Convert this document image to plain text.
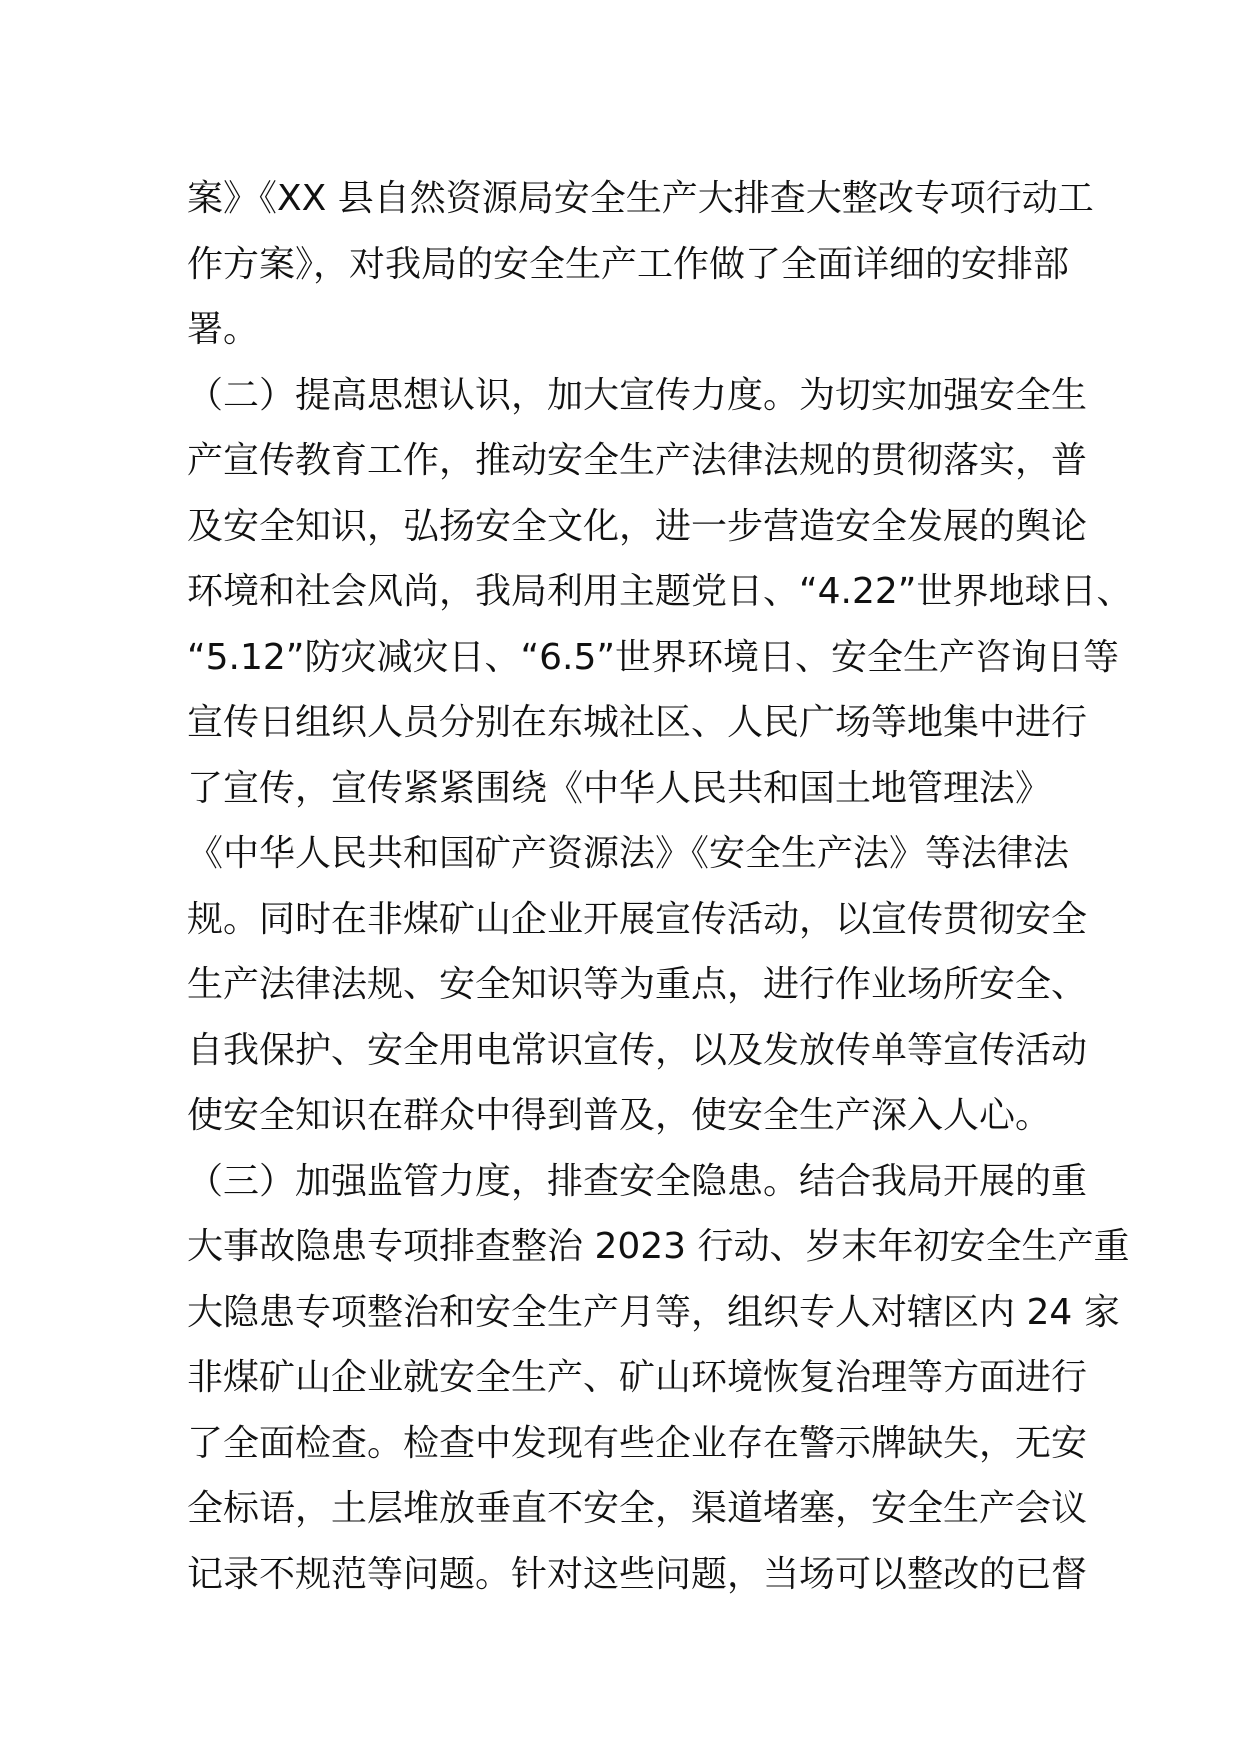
案》《XX 县自然资源局安全生产大排查大整改专项行动工
作方案》，对我局的安全生产工作做了全面详细的安排部
署。
（二）提高思想认识，加大宣传力度。为切实加强安全生
产宣传教育工作，推动安全生产法律法规的贯彻落实，普
及安全知识，弘扬安全文化，进一步营造安全发展的舆论
环境和社会风尚，我局利用主题党日、“4.22”世界地球日、
“5.12”防灾减灾日、“6.5”世界环境日、安全生产咨询日等
宣传日组织人员分别在东城社区、人民广场等地集中进行
了宣传，宣传紧紧围绕《中华人民共和国土地管理法》
《中华人民共和国矿产资源法》《安全生产法》等法律法
规。同时在非煤矿山企业开展宣传活动，以宣传贯彻安全
生产法律法规、安全知识等为重点，进行作业场所安全、
自我保护、安全用电常识宣传，以及发放传单等宣传活动
使安全知识在群众中得到普及，使安全生产深入人心。
（三）加强监管力度，排查安全隐患。结合我局开展的重
大事故隐患专项排查整治 2023 行动、岁末年初安全生产重
大隐患专项整治和安全生产月等，组织专人对辖区内 24 家
非煤矿山企业就安全生产、矿山环境恢复治理等方面进行
了全面检查。检查中发现有些企业存在警示牌缺失，无安
全标语，土层堆放垂直不安全，渠道堵塞，安全生产会议
记录不规范等问题。针对这些问题，当场可以整改的已督
